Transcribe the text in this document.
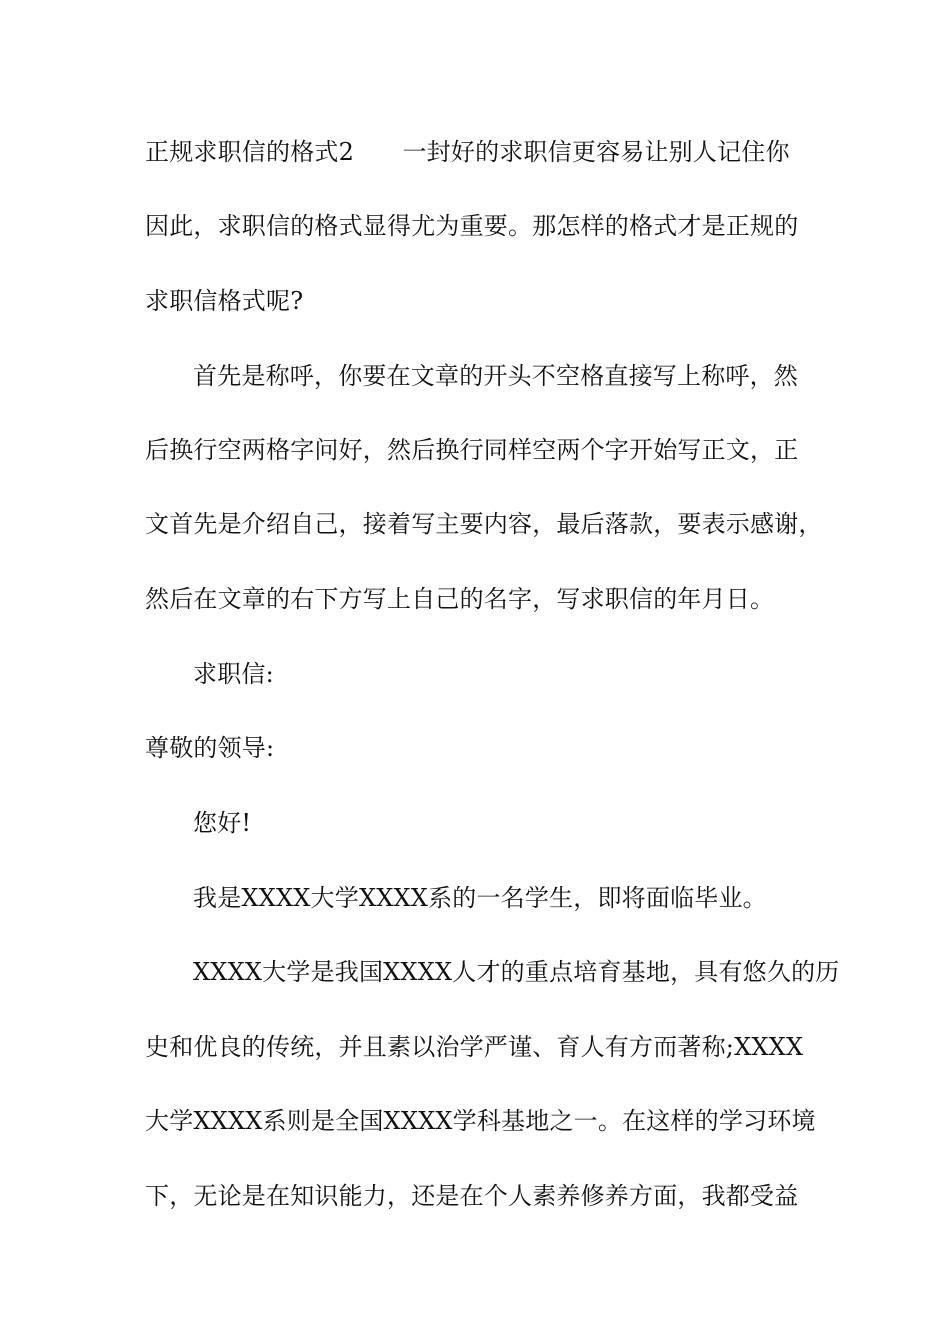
正规求职信的格式2　　一封好的求职信更容易让别人记住你
因此，求职信的格式显得尤为重要。那怎样的格式才是正规的
求职信格式呢?
首先是称呼，你要在文章的开头不空格直接写上称呼，然
后换行空两格字问好，然后换行同样空两个字开始写正文，正
文首先是介绍自己，接着写主要内容，最后落款，要表示感谢，
然后在文章的右下方写上自己的名字，写求职信的年月日。
求职信:
尊敬的领导:
您好!
我是XXXX大学XXXX系的一名学生，即将面临毕业。
XXXX大学是我国XXXX人才的重点培育基地，具有悠久的历
史和优良的传统，并且素以治学严谨、育人有方而著称;XXXX
大学XXXX系则是全国XXXX学科基地之一。在这样的学习环境
下，无论是在知识能力，还是在个人素养修养方面，我都受益
